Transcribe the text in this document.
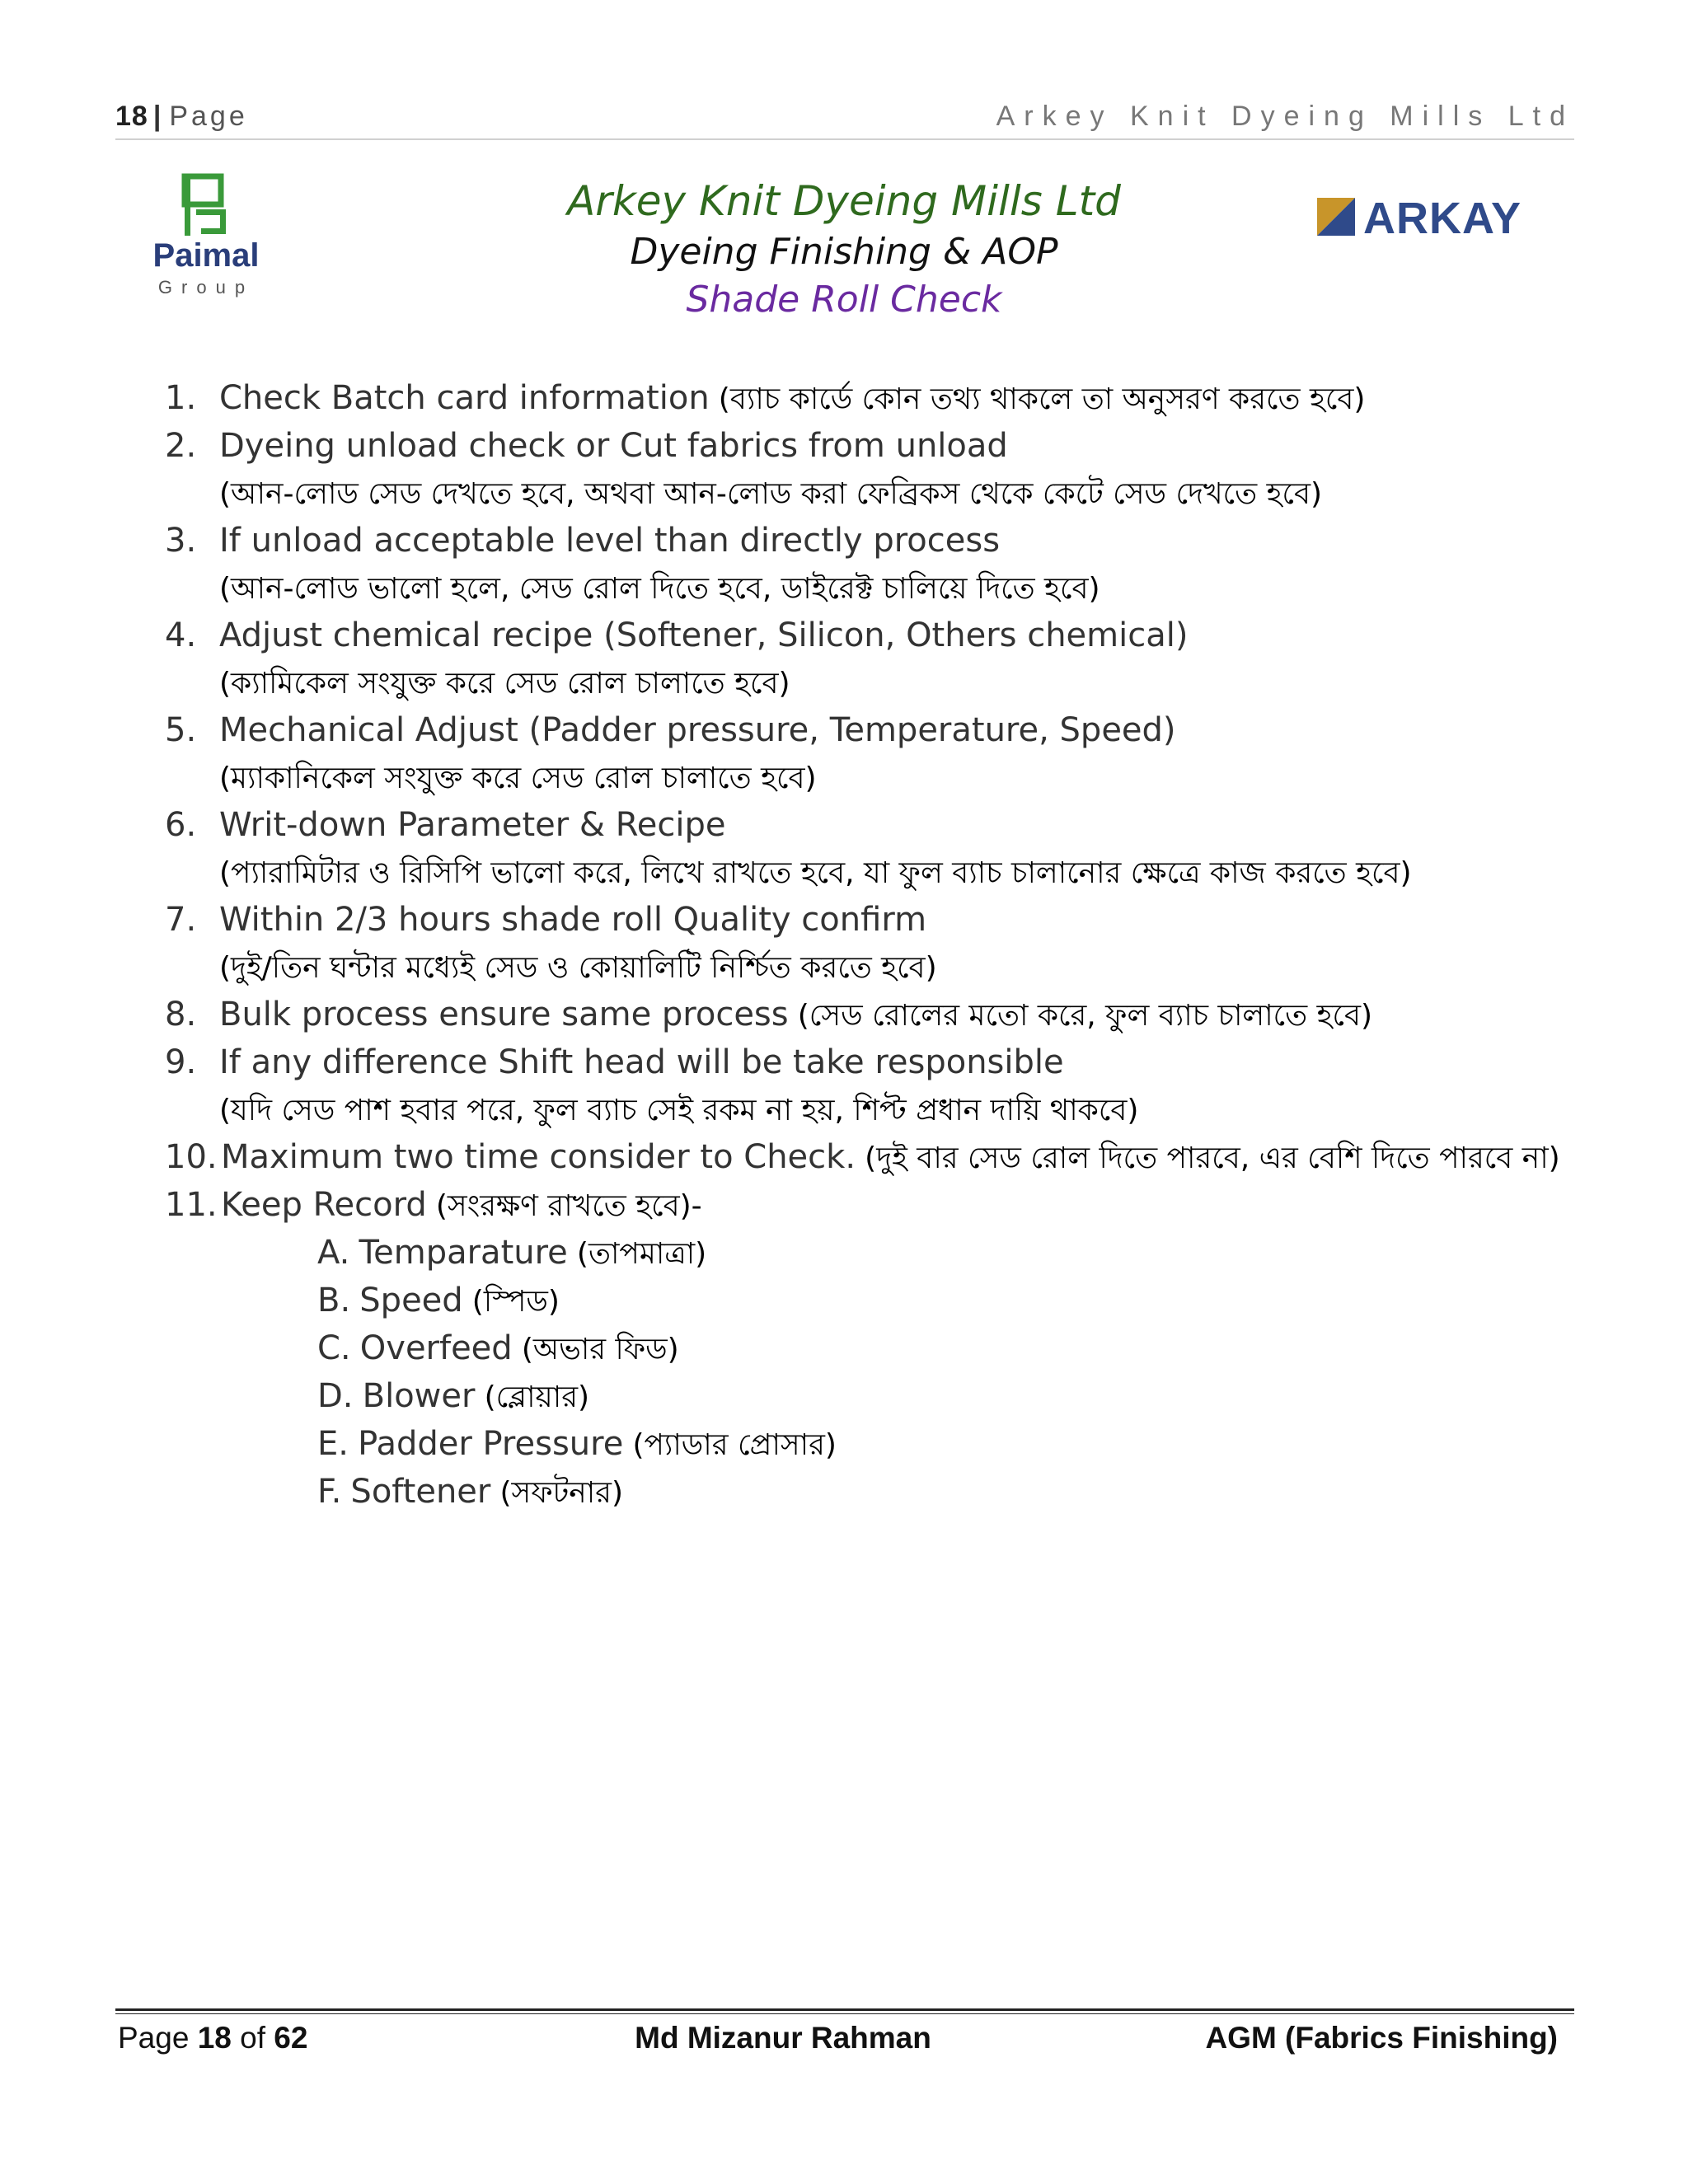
18 | Page	Arkey Knit Dyeing Mills Ltd
Paimal
Group
ARKAY
Arkey Knit Dyeing Mills Ltd
Dyeing Finishing & AOP
Shade Roll Check
1. Check Batch card information (ব্যাচ কার্ডে কোন তথ্য থাকলে তা অনুসরণ করতে হবে)
2. Dyeing unload check or Cut fabrics from unload
(আন-লোড সেড দেখতে হবে, অথবা আন-লোড করা ফেব্রিকস থেকে কেটে সেড দেখতে হবে)
3. If unload acceptable level than directly process
(আন-লোড ভালো হলে, সেড রোল দিতে হবে, ডাইরেক্ট চালিয়ে দিতে হবে)
4. Adjust chemical recipe (Softener, Silicon, Others chemical)
(ক্যামিকেল সংযুক্ত করে সেড রোল চালাতে হবে)
5. Mechanical Adjust (Padder pressure, Temperature, Speed)
(ম্যাকানিকেল সংযুক্ত করে সেড রোল চালাতে হবে)
6. Writ-down Parameter & Recipe
(প্যারামিটার ও রিসিপি ভালো করে, লিখে রাখতে হবে, যা ফুল ব্যাচ চালানোর ক্ষেত্রে কাজ করতে হবে)
7. Within 2/3 hours shade roll Quality confirm
(দুই/তিন ঘন্টার মধ্যেই সেড ও কোয়ালিটি নির্শ্চিত করতে হবে)
8. Bulk process ensure same process (সেড রোলের মতো করে, ফুল ব্যাচ চালাতে হবে)
9. If any difference Shift head will be take responsible
(যদি সেড পাশ হবার পরে, ফুল ব্যাচ সেই রকম না হয়, শিপ্ট প্রধান দায়ি থাকবে)
10. Maximum two time consider to Check. (দুই বার সেড রোল দিতে পারবে, এর বেশি দিতে পারবে না)
11. Keep Record (সংরক্ষণ রাখতে হবে)-
A. Temparature (তাপমাত্রা)
B. Speed (স্পিড)
C. Overfeed (অভার ফিড)
D. Blower (ব্লোয়ার)
E. Padder Pressure (প্যাডার প্রোসার)
F. Softener (সফটনার)
Page 18 of 62	Md Mizanur Rahman	AGM (Fabrics Finishing)
